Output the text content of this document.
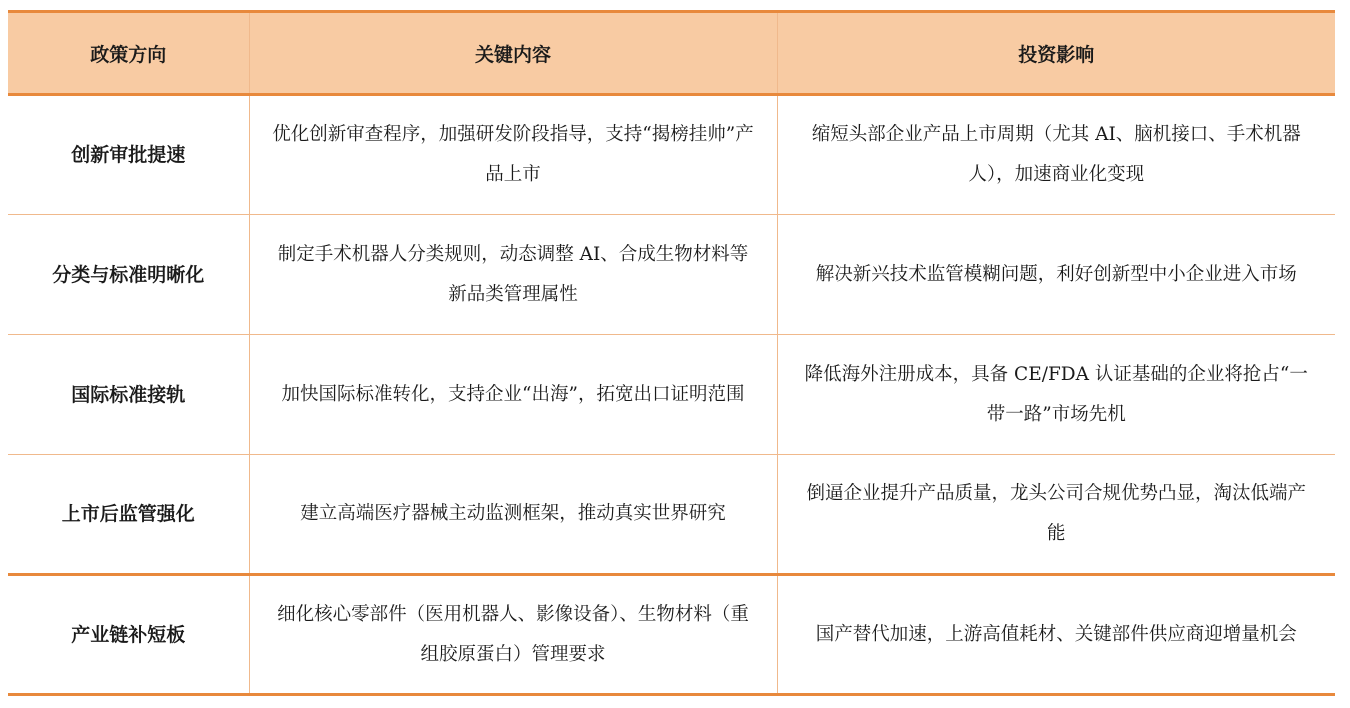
政策方向	关键内容	投资影响
创新审批提速	优化创新审查程序，加强研发阶段指导，支持“揭榜挂帅”产品上市	缩短头部企业产品上市周期（尤其 AI、脑机接口、手术机器人），加速商业化变现
分类与标准明晰化	制定手术机器人分类规则，动态调整 AI、合成生物材料等新品类管理属性	解决新兴技术监管模糊问题，利好创新型中小企业进入市场
国际标准接轨	加快国际标准转化，支持企业“出海”，拓宽出口证明范围	降低海外注册成本，具备 CE/FDA 认证基础的企业将抢占“一带一路”市场先机
上市后监管强化	建立高端医疗器械主动监测框架，推动真实世界研究	倒逼企业提升产品质量，龙头公司合规优势凸显，淘汰低端产能
产业链补短板	细化核心零部件（医用机器人、影像设备）、生物材料（重组胶原蛋白）管理要求	国产替代加速，上游高值耗材、关键部件供应商迎增量机会
